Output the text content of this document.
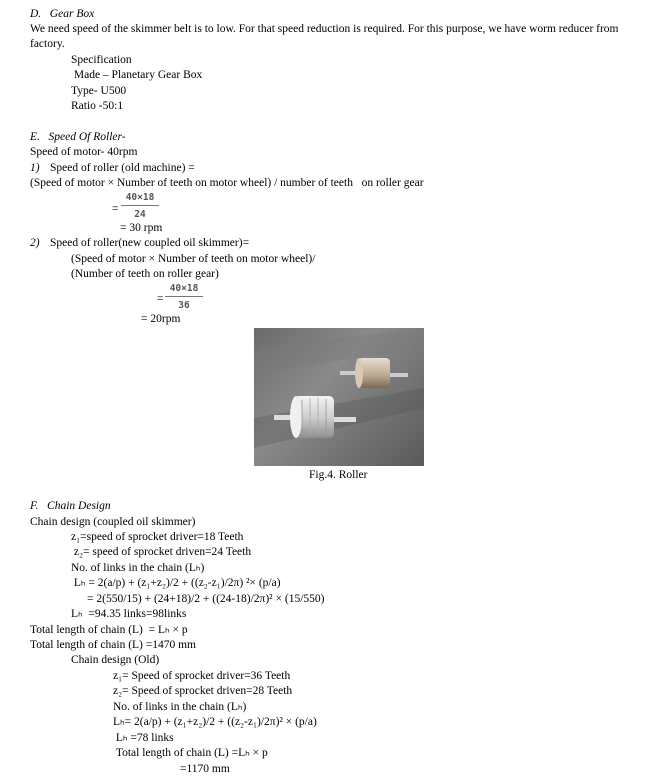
D.   Gear Box
We need speed of the skimmer belt is to low. For that speed reduction is required. For this purpose, we have worm reducer from
factory.
Specification
Made – Planetary Gear Box
Type- U500
Ratio -50:1
E.   Speed Of Roller-
Speed of motor- 40rpm
1) Speed of roller (old machine) =
(Speed of motor × Number of teeth on motor wheel) / number of teeth   on roller gear
=
40×18
24
= 30 rpm
2) Speed of roller(new coupled oil skimmer)=
(Speed of motor × Number of teeth on motor wheel)/
(Number of teeth on roller gear)
=
40×18
36
= 20rpm
Fig.4. Roller
F.   Chain Design
Chain design (coupled oil skimmer)
z₁=speed of sprocket driver=18 Teeth
z₂= speed of sprocket driven=24 Teeth
No. of links in the chain (Lₕ)
Lₕ = 2(a/p) + (z₁+z₂)/2 + ((z₂-z₁)/2π) ²× (p/a)
= 2(550/15) + (24+18)/2 + ((24-18)/2π)² × (15/550)
Lₕ  =94.35 links=98links
Total length of chain (L)  = Lₕ × p
Total length of chain (L) =1470 mm
Chain design (Old)
z₁= Speed of sprocket driver=36 Teeth
z₂= Speed of sprocket driven=28 Teeth
No. of links in the chain (Lₕ)
Lₕ= 2(a/p) + (z₁+z₂)/2 + ((z₂-z₁)/2π)² × (p/a)
Lₕ =78 links
Total length of chain (L) =Lₕ × p
=1170 mm
